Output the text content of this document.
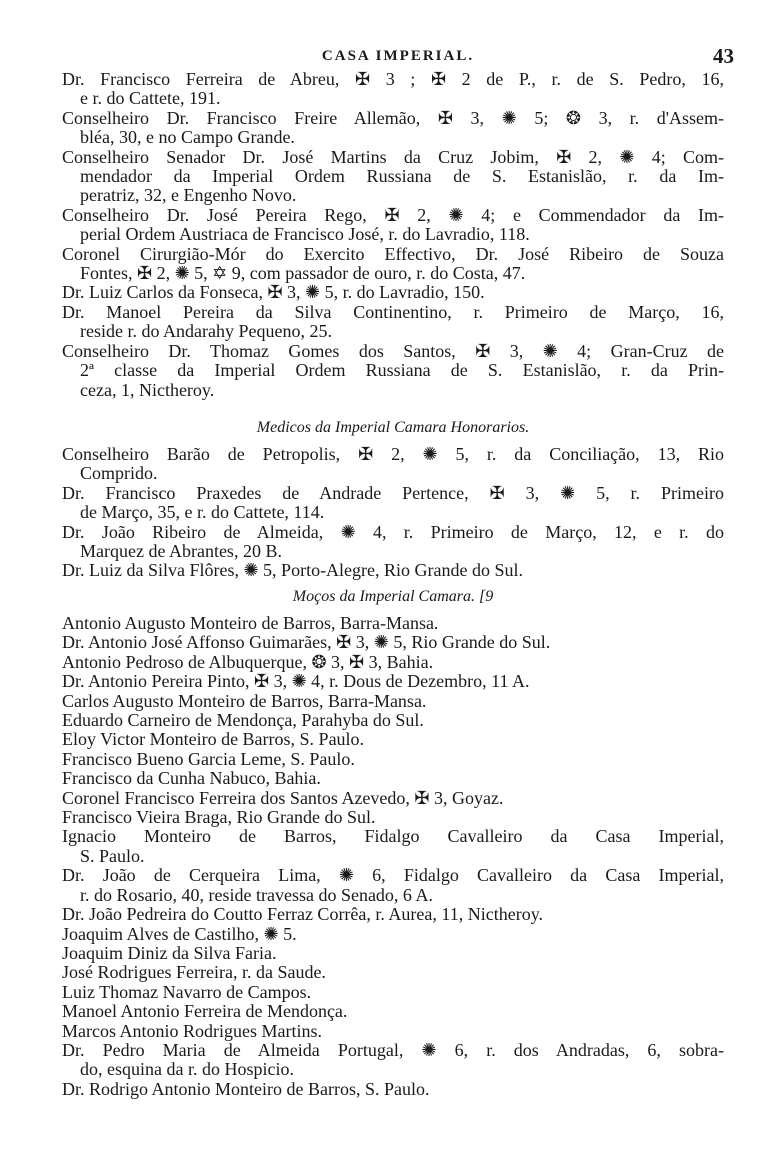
CASA IMPERIAL.	43
Dr. Francisco Ferreira de Abreu, ✠ 3 ; ✠ 2 de P., r. de S. Pedro, 16,
e r. do Cattete, 191.
Conselheiro Dr. Francisco Freire Allemão, ✠ 3, ✺ 5; ❂ 3, r. d'Assem-
bléa, 30, e no Campo Grande.
Conselheiro Senador Dr. José Martins da Cruz Jobim, ✠ 2, ✺ 4; Com-
mendador da Imperial Ordem Russiana de S. Estanislão, r. da Im-
peratriz, 32, e Engenho Novo.
Conselheiro Dr. José Pereira Rego, ✠ 2, ✺ 4; e Commendador da Im-
perial Ordem Austriaca de Francisco José, r. do Lavradio, 118.
Coronel Cirurgião-Mór do Exercito Effectivo, Dr. José Ribeiro de Souza
Fontes, ✠ 2, ✺ 5, ✡ 9, com passador de ouro, r. do Costa, 47.
Dr. Luiz Carlos da Fonseca, ✠ 3, ✺ 5, r. do Lavradio, 150.
Dr. Manoel Pereira da Silva Continentino, r. Primeiro de Março, 16,
reside r. do Andarahy Pequeno, 25.
Conselheiro Dr. Thomaz Gomes dos Santos, ✠ 3, ✺ 4; Gran-Cruz de
2ª classe da Imperial Ordem Russiana de S. Estanislão, r. da Prin-
ceza, 1, Nictheroy.
Medicos da Imperial Camara Honorarios.
Conselheiro Barão de Petropolis, ✠ 2, ✺ 5, r. da Conciliação, 13, Rio
Comprido.
Dr. Francisco Praxedes de Andrade Pertence, ✠ 3, ✺ 5, r. Primeiro
de Março, 35, e r. do Cattete, 114.
Dr. João Ribeiro de Almeida, ✺ 4, r. Primeiro de Março, 12, e r. do
Marquez de Abrantes, 20 B.
Dr. Luiz da Silva Flôres, ✺ 5, Porto-Alegre, Rio Grande do Sul.
Moços da Imperial Camara. [9
Antonio Augusto Monteiro de Barros, Barra-Mansa.
Dr. Antonio José Affonso Guimarães, ✠ 3, ✺ 5, Rio Grande do Sul.
Antonio Pedroso de Albuquerque, ❂ 3, ✠ 3, Bahia.
Dr. Antonio Pereira Pinto, ✠ 3, ✺ 4, r. Dous de Dezembro, 11 A.
Carlos Augusto Monteiro de Barros, Barra-Mansa.
Eduardo Carneiro de Mendonça, Parahyba do Sul.
Eloy Victor Monteiro de Barros, S. Paulo.
Francisco Bueno Garcia Leme, S. Paulo.
Francisco da Cunha Nabuco, Bahia.
Coronel Francisco Ferreira dos Santos Azevedo, ✠ 3, Goyaz.
Francisco Vieira Braga, Rio Grande do Sul.
Ignacio Monteiro de Barros, Fidalgo Cavalleiro da Casa Imperial,
S. Paulo.
Dr. João de Cerqueira Lima, ✺ 6, Fidalgo Cavalleiro da Casa Imperial,
r. do Rosario, 40, reside travessa do Senado, 6 A.
Dr. João Pedreira do Coutto Ferraz Corrêa, r. Aurea, 11, Nictheroy.
Joaquim Alves de Castilho, ✺ 5.
Joaquim Diniz da Silva Faria.
José Rodrigues Ferreira, r. da Saude.
Luiz Thomaz Navarro de Campos.
Manoel Antonio Ferreira de Mendonça.
Marcos Antonio Rodrigues Martins.
Dr. Pedro Maria de Almeida Portugal, ✺ 6, r. dos Andradas, 6, sobra-
do, esquina da r. do Hospicio.
Dr. Rodrigo Antonio Monteiro de Barros, S. Paulo.
